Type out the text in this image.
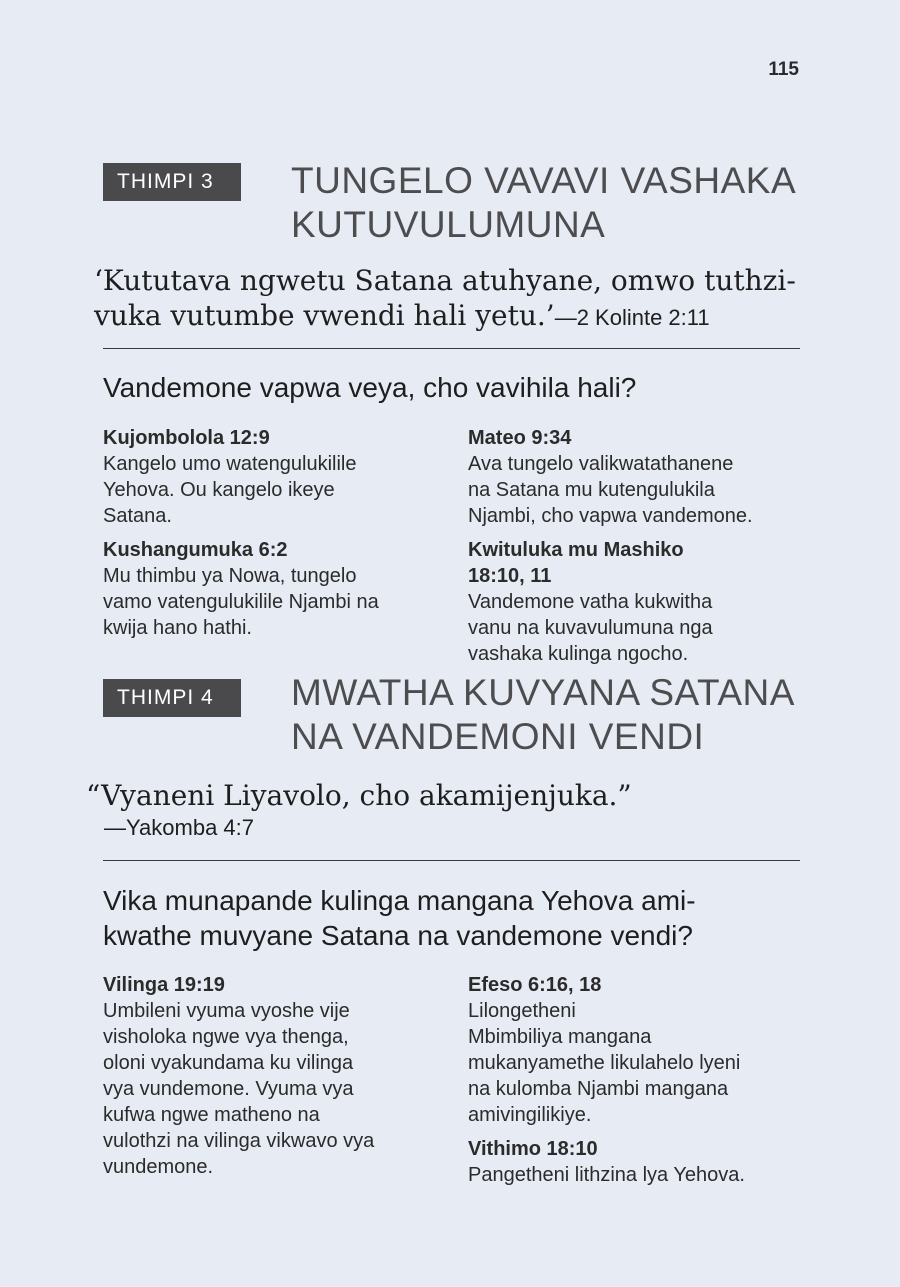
115
THIMPI 3	TUNGELO VAVAVI VASHAKA
KUTUVULUMUNA
‘Kututava ngwetu Satana atuhyane, omwo tuthzi-
vuka vutumbe vwendi hali yetu.’—2 Kolinte 2:11
Vandemone vapwa veya, cho vavihila hali?
Kujombolola 12:9
Kangelo umo watengulukilile
Yehova. Ou kangelo ikeye
Satana.
Kushangumuka 6:2
Mu thimbu ya Nowa, tungelo
vamo vatengulukilile Njambi na
kwija hano hathi.
Mateo 9:34
Ava tungelo valikwatathanene
na Satana mu kutengulukila
Njambi, cho vapwa vandemone.
Kwituluka mu Mashiko
18:10, 11
Vandemone vatha kukwitha
vanu na kuvavulumuna nga
vashaka kulinga ngocho.
THIMPI 4	MWATHA KUVYANA SATANA
NA VANDEMONI VENDI
“Vyaneni Liyavolo, cho akamijenjuka.”
—Yakomba 4:7
Vika munapande kulinga mangana Yehova ami-
kwathe muvyane Satana na vandemone vendi?
Vilinga 19:19
Umbileni vyuma vyoshe vije
visholoka ngwe vya thenga,
oloni vyakundama ku vilinga
vya vundemone. Vyuma vya
kufwa ngwe matheno na
vulothzi na vilinga vikwavo vya
vundemone.
Efeso 6:16, 18
Lilongetheni
Mbimbiliya mangana
mukanyamethe likulahelo lyeni
na kulomba Njambi mangana
amivingilikiye.
Vithimo 18:10
Pangetheni lithzina lya Yehova.
